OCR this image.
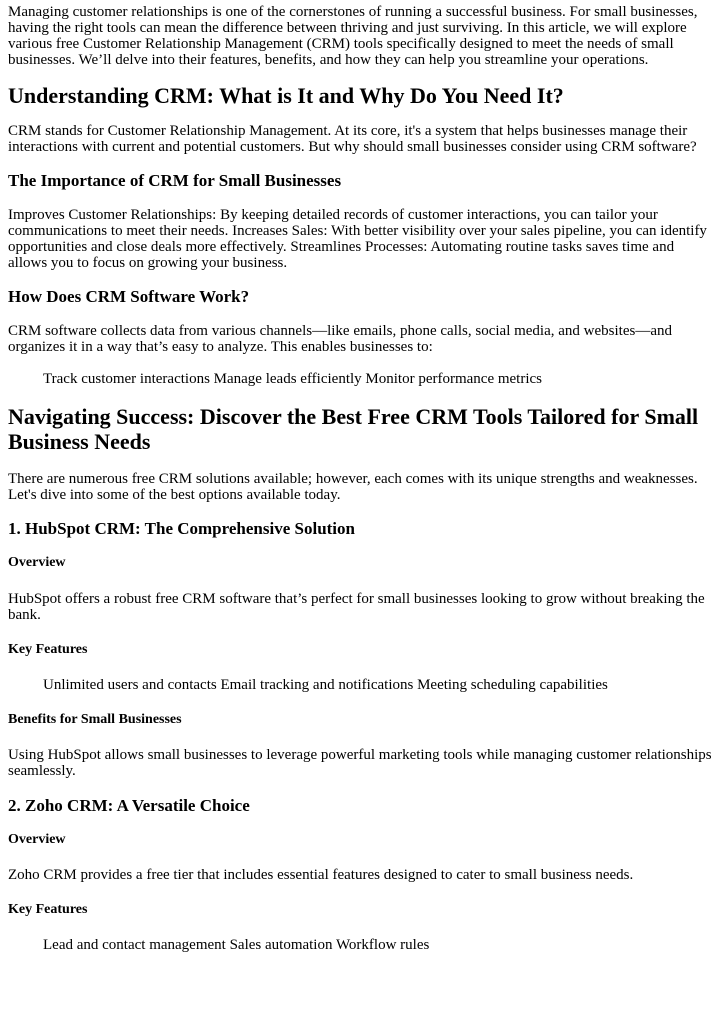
Managing customer relationships is one of the cornerstones of running a successful business. For small businesses, having the right tools can mean the difference between thriving and just surviving. In this article, we will explore various free Customer Relationship Management (CRM) tools specifically designed to meet the needs of small businesses. We’ll delve into their features, benefits, and how they can help you streamline your operations.

Understanding CRM: What is It and Why Do You Need It?

CRM stands for Customer Relationship Management. At its core, it's a system that helps businesses manage their interactions with current and potential customers. But why should small businesses consider using CRM software?

The Importance of CRM for Small Businesses

Improves Customer Relationships: By keeping detailed records of customer interactions, you can tailor your communications to meet their needs. Increases Sales: With better visibility over your sales pipeline, you can identify opportunities and close deals more effectively. Streamlines Processes: Automating routine tasks saves time and allows you to focus on growing your business.

How Does CRM Software Work?

CRM software collects data from various channels—like emails, phone calls, social media, and websites—and organizes it in a way that’s easy to analyze. This enables businesses to:

Track customer interactions Manage leads efficiently Monitor performance metrics

Navigating Success: Discover the Best Free CRM Tools Tailored for Small Business Needs

There are numerous free CRM solutions available; however, each comes with its unique strengths and weaknesses. Let's dive into some of the best options available today.

1. HubSpot CRM: The Comprehensive Solution
Overview

HubSpot offers a robust free CRM software that’s perfect for small businesses looking to grow without breaking the bank.

Key Features

Unlimited users and contacts Email tracking and notifications Meeting scheduling capabilities

Benefits for Small Businesses

Using HubSpot allows small businesses to leverage powerful marketing tools while managing customer relationships seamlessly.

2. Zoho CRM: A Versatile Choice
Overview

Zoho CRM provides a free tier that includes essential features designed to cater to small business needs.

Key Features

Lead and contact management Sales automation Workflow rules
